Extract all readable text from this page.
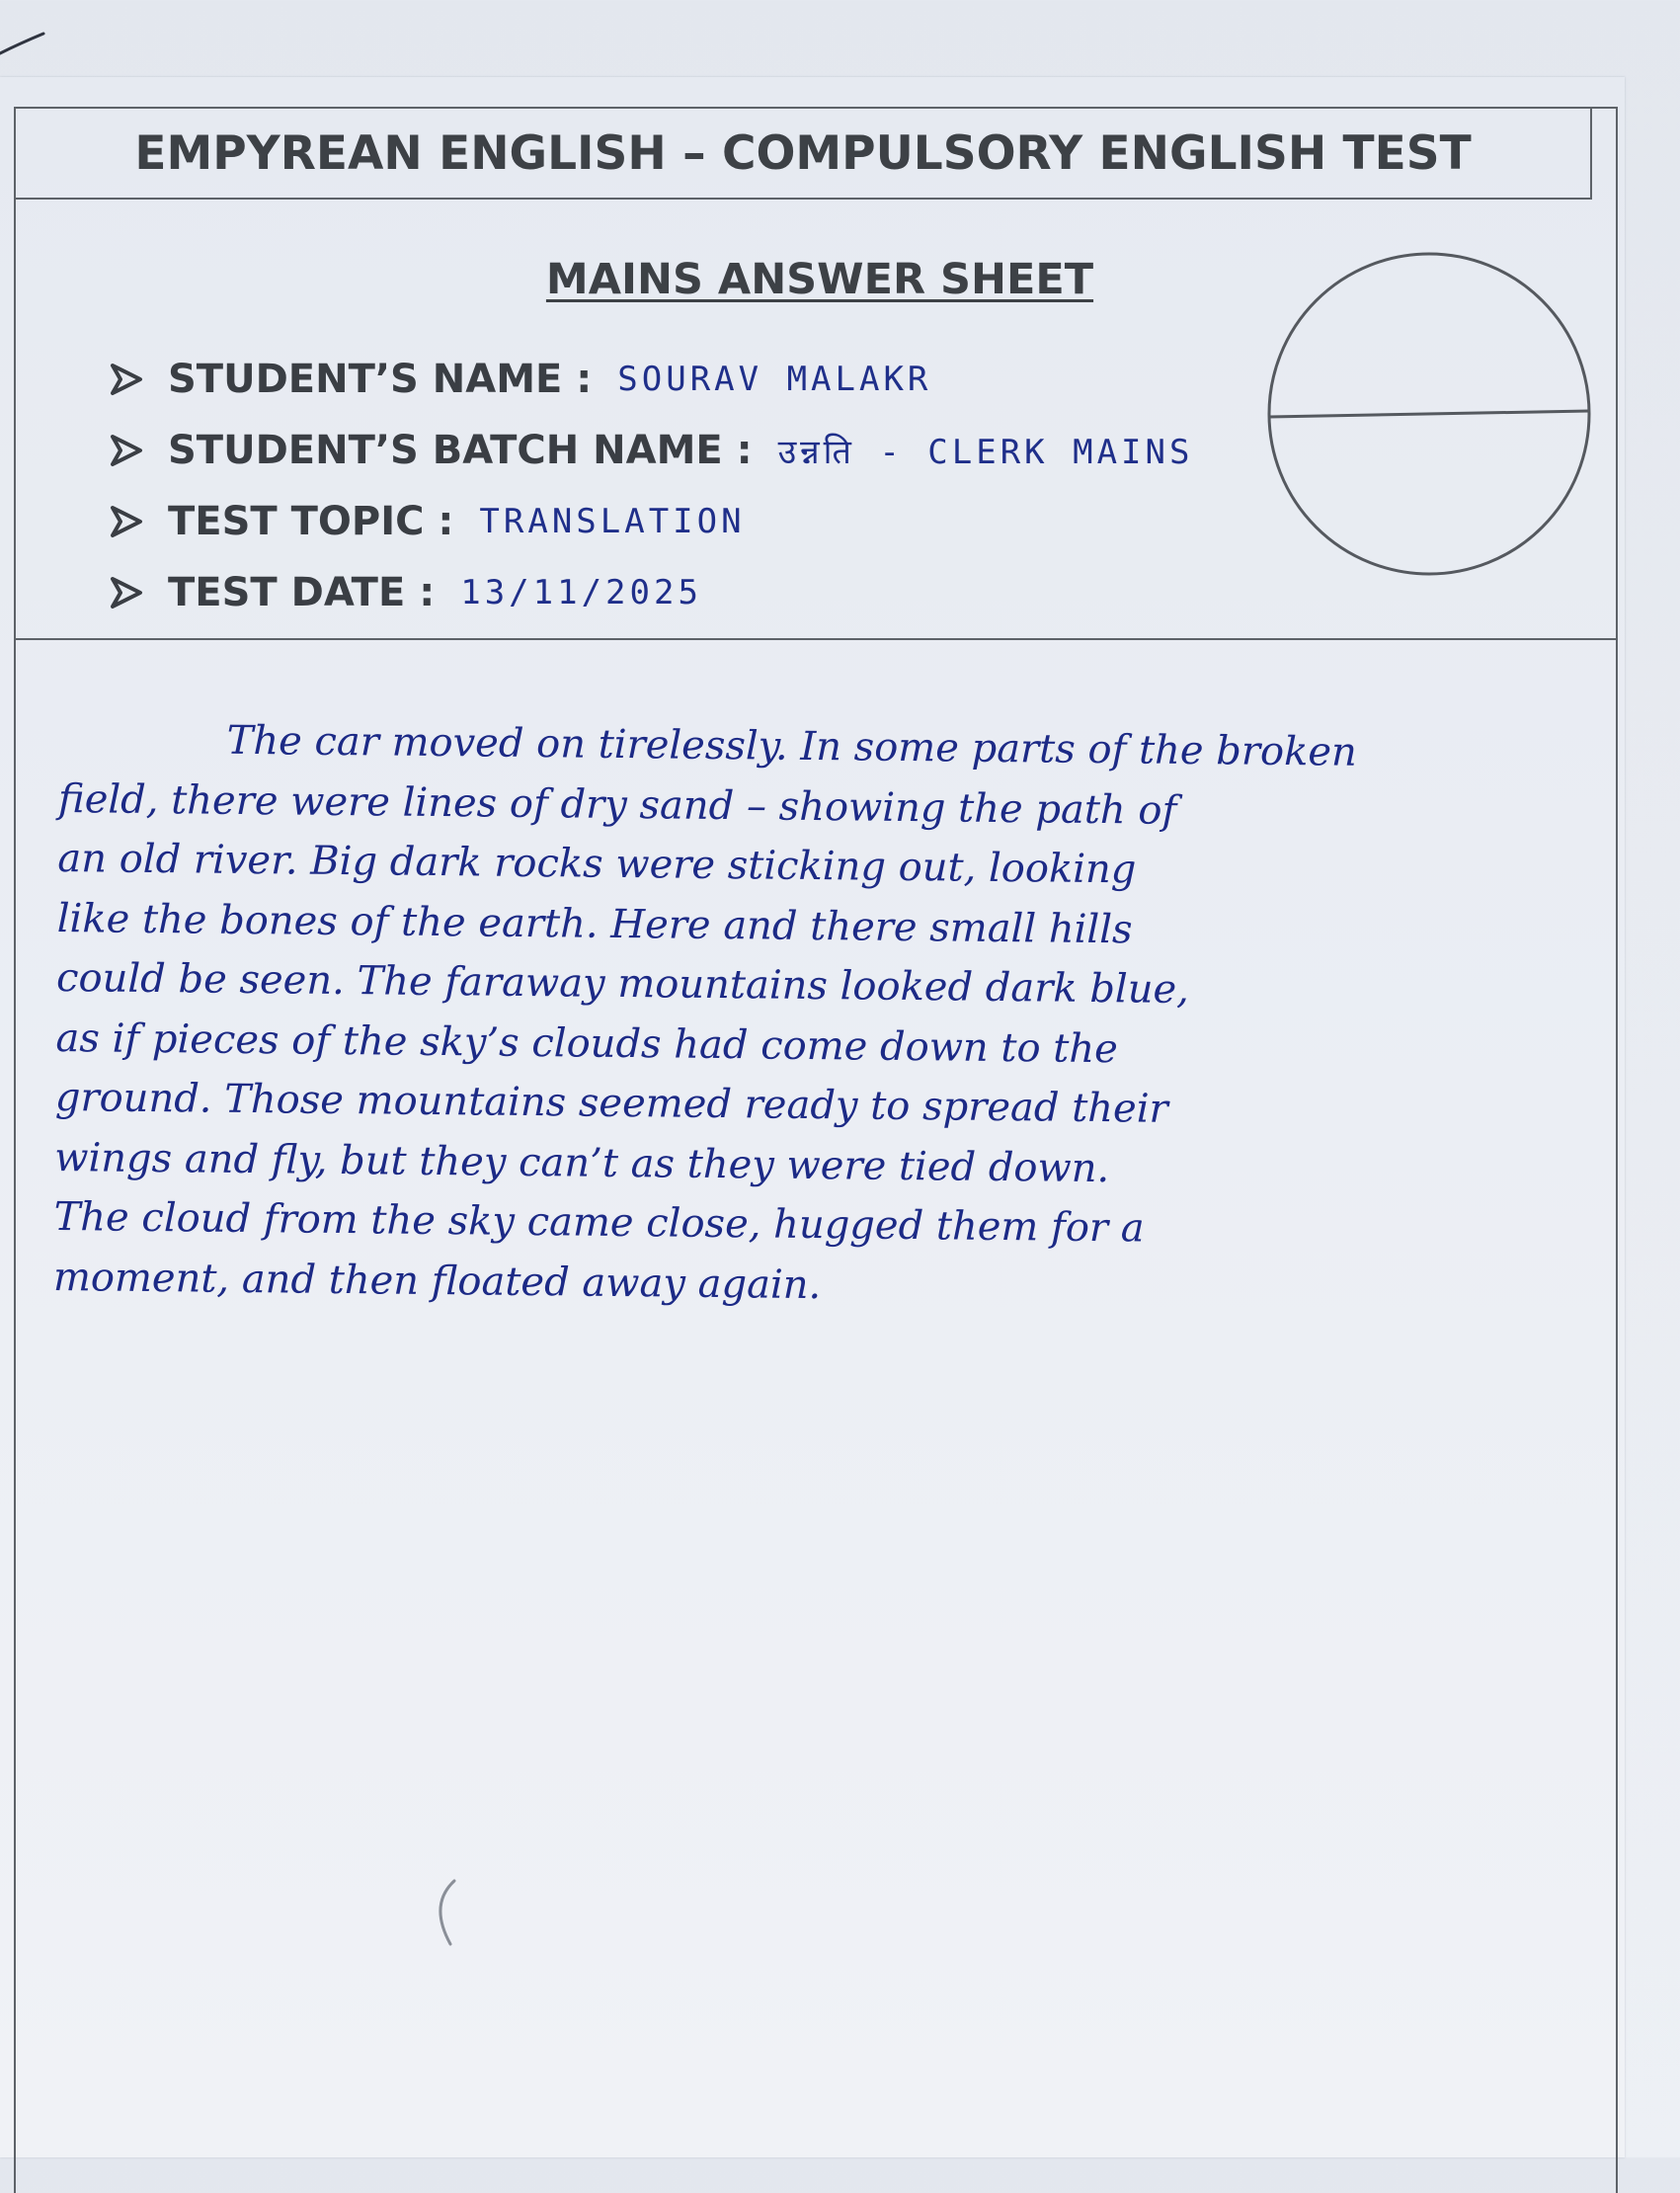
EMPYREAN ENGLISH – COMPULSORY ENGLISH TEST
MAINS ANSWER SHEET
STUDENT’S NAME : SOURAV MALAKR
STUDENT’S BATCH NAME : उन्नति - CLERK MAINS
TEST TOPIC : TRANSLATION
TEST DATE : 13/11/2025
The car moved on tirelessly. In some parts of the broken
field, there were lines of dry sand – showing the path of
an old river. Big dark rocks were sticking out, looking
like the bones of the earth. Here and there small hills
could be seen. The faraway mountains looked dark blue,
as if pieces of the sky’s clouds had come down to the
ground. Those mountains seemed ready to spread their
wings and fly, but they can’t as they were tied down.
The cloud from the sky came close, hugged them for a
moment, and then floated away again.
